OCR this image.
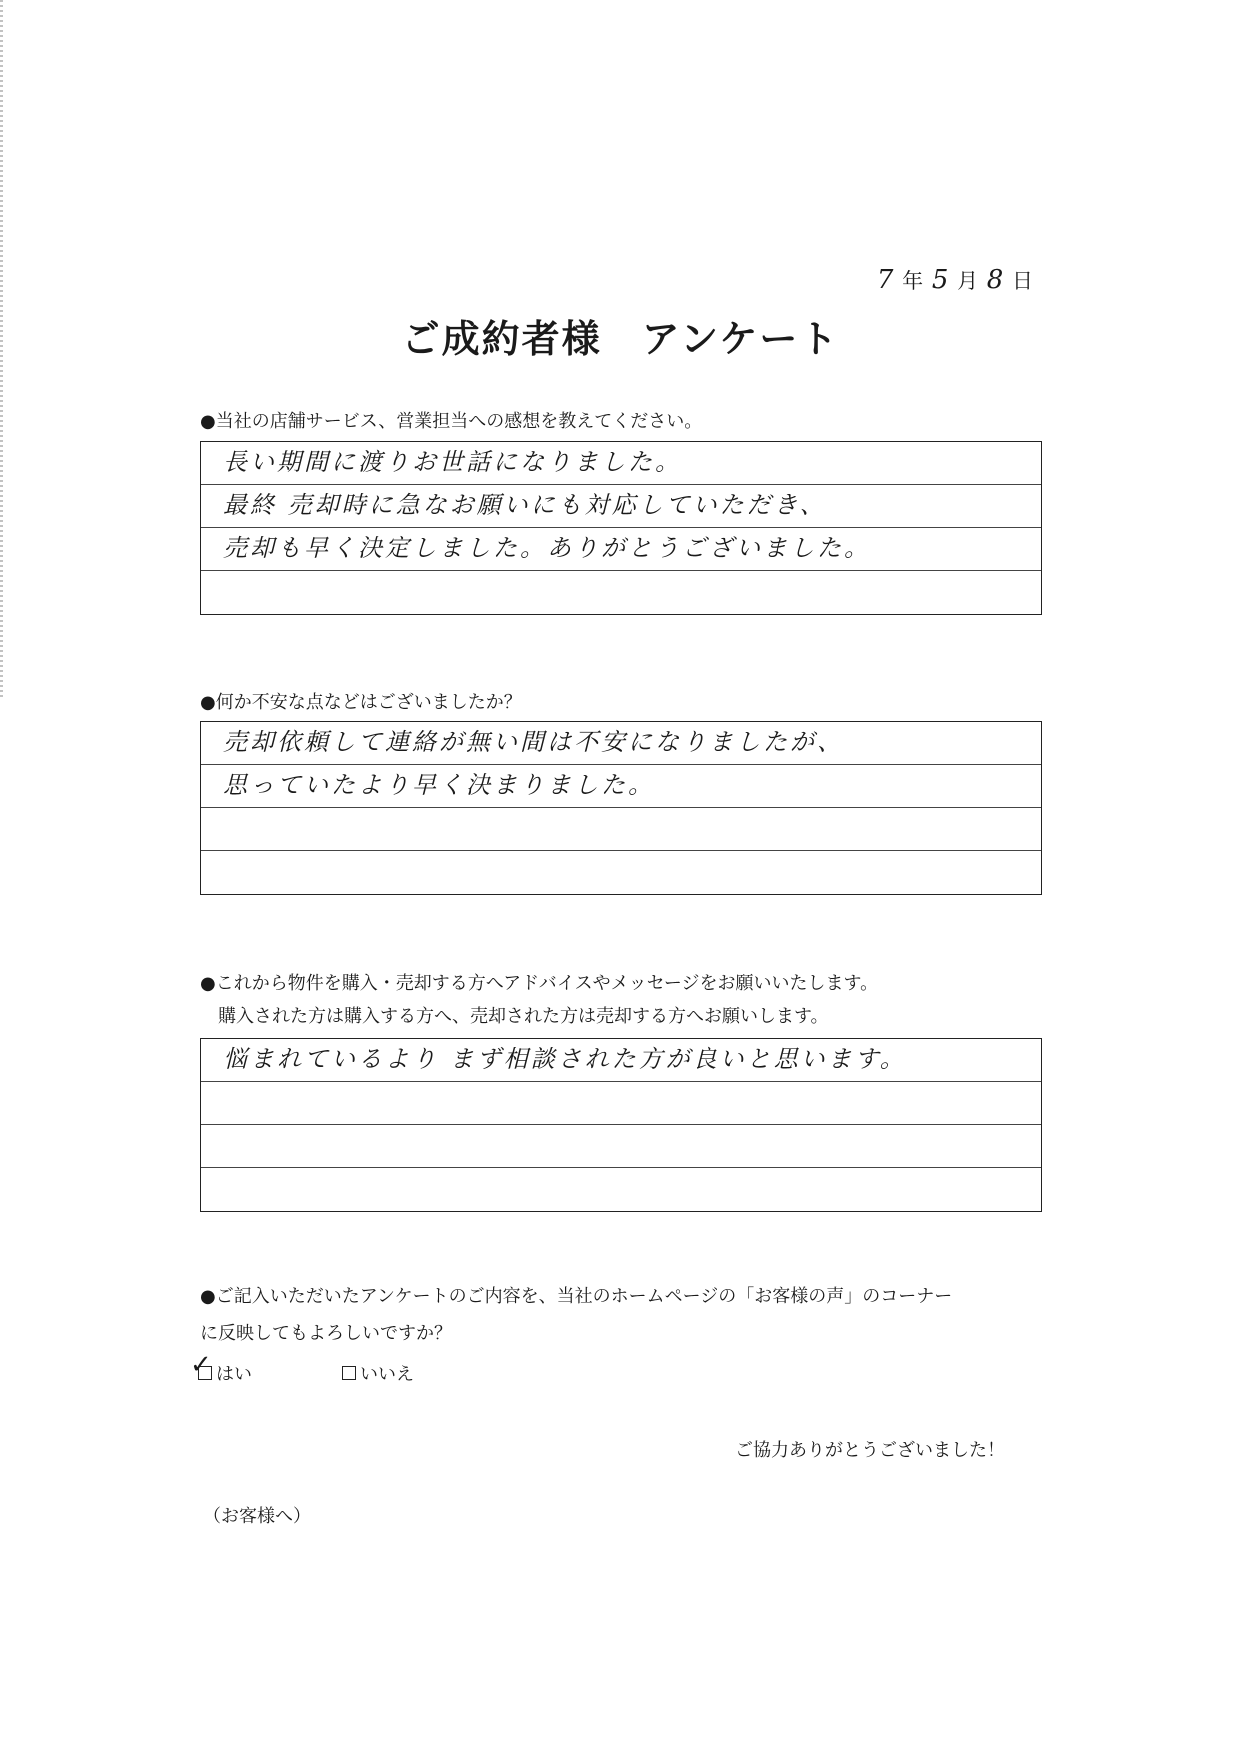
7 年 5 月 8 日
ご成約者様　アンケート
●当社の店舗サービス、営業担当への感想を教えてください。
長い期間に渡りお世話になりました。
最終 売却時に急なお願いにも対応していただき、
売却も早く決定しました。ありがとうございました。
●何か不安な点などはございましたか？
売却依頼して連絡が無い間は不安になりましたが、
思っていたより早く決まりました。
●これから物件を購入・売却する方へアドバイスやメッセージをお願いいたします。
購入された方は購入する方へ、売却された方は売却する方へお願いします。
悩まれているより まず相談された方が良いと思います。
●ご記入いただいたアンケートのご内容を、当社のホームページの「お客様の声」のコーナー
に反映してもよろしいですか？
✓ はい	いいえ
ご協力ありがとうございました！
（お客様へ）
